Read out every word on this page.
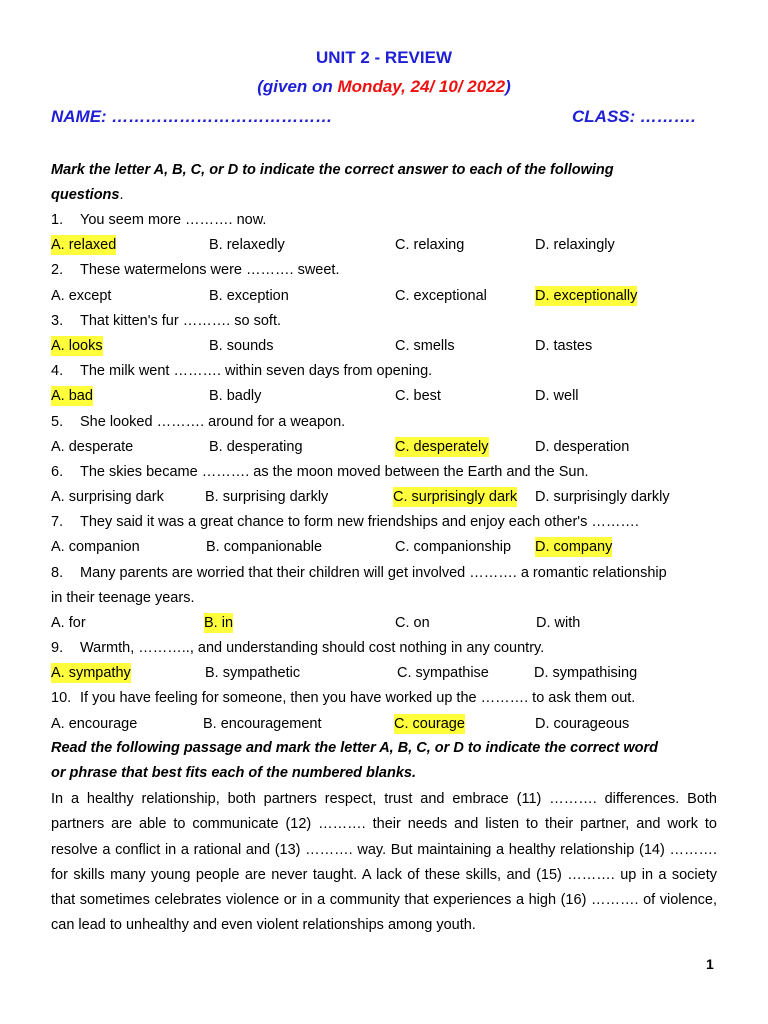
UNIT 2 - REVIEW
(given on Monday, 24/ 10/ 2022)
NAME: …………………………………	CLASS: ……….
Mark the letter A, B, C, or D to indicate the correct answer to each of the following
questions.
1. You seem more ………. now.
A. relaxed	B. relaxedly	C. relaxing	D. relaxingly
2. These watermelons were ………. sweet.
A. except	B. exception	C. exceptional	D. exceptionally
3. That kitten's fur ………. so soft.
A. looks	B. sounds	C. smells	D. tastes
4. The milk went ………. within seven days from opening.
A. bad	B. badly	C. best	D. well
5. She looked ………. around for a weapon.
A. desperate	B. desperating	C. desperately	D. desperation
6. The skies became ………. as the moon moved between the Earth and the Sun.
A. surprising dark	B. surprising darkly	C. surprisingly dark D. surprisingly darkly
7. They said it was a great chance to form new friendships and enjoy each other's ……….
A. companion	B. companionable	C. companionship D. company
8. Many parents are worried that their children will get involved ………. a romantic relationship
in their teenage years.
A. for	B. in	C. on	D. with
9. Warmth, ……….., and understanding should cost nothing in any country.
A. sympathy	B. sympathetic	C. sympathise	D. sympathising
10. If you have feeling for someone, then you have worked up the ………. to ask them out.
A. encourage	B. encouragement	C. courage	D. courageous
Read the following passage and mark the letter A, B, C, or D to indicate the correct word
or phrase that best fits each of the numbered blanks.
In a healthy relationship, both partners respect, trust and embrace (11) ………. differences. Both partners are able to communicate (12) ………. their needs and listen to their partner, and work to resolve a conflict in a rational and (13) ………. way. But maintaining a healthy relationship (14) ………. for skills many young people are never taught. A lack of these skills, and (15) ………. up in a society that sometimes celebrates violence or in a community that experiences a high (16) ………. of violence, can lead to unhealthy and even violent relationships among youth.
1
